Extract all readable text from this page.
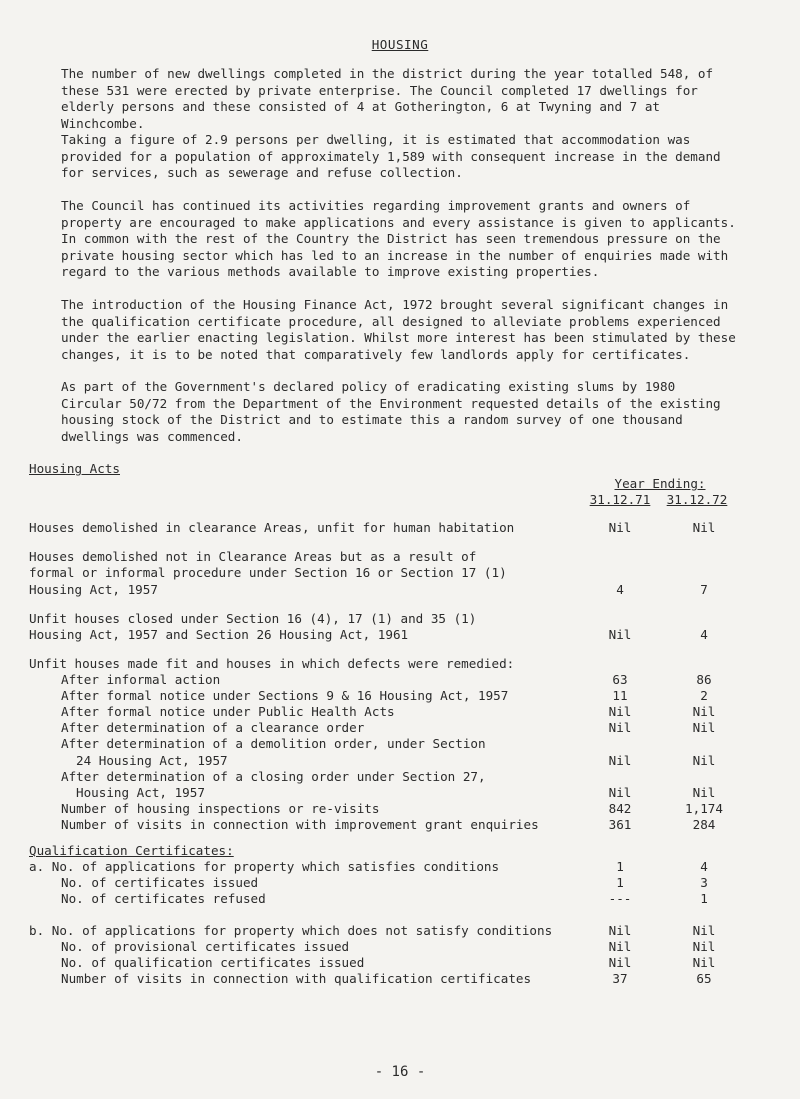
HOUSING

The number of new dwellings completed in the district during the year totalled 548, of these 531 were erected by private enterprise. The Council completed 17 dwellings for elderly persons and these consisted of 4 at Gotherington, 6 at Twyning and 7 at Winchcombe.

Taking a figure of 2.9 persons per dwelling, it is estimated that accommodation was provided for a population of approximately 1,589 with consequent increase in the demand for services, such as sewerage and refuse collection.

The Council has continued its activities regarding improvement grants and owners of property are encouraged to make applications and every assistance is given to applicants. In common with the rest of the Country the District has seen tremendous pressure on the private housing sector which has led to an increase in the number of enquiries made with regard to the various methods available to improve existing properties.

The introduction of the Housing Finance Act, 1972 brought several significant changes in the qualification certificate procedure, all designed to alleviate problems experienced under the earlier enacting legislation. Whilst more interest has been stimulated by these changes, it is to be noted that comparatively few landlords apply for certificates.

As part of the Government's declared policy of eradicating existing slums by 1980 Circular 50/72 from the Department of the Environment requested details of the existing housing stock of the District and to estimate this a random survey of one thousand dwellings was commenced.

Housing Acts
Year Ending:
31.12.71	31.12.72
Houses demolished in clearance Areas, unfit for human habitation	Nil	Nil
Houses demolished not in Clearance Areas but as a result of
formal or informal procedure under Section 16 or Section 17 (1)
Housing Act, 1957	4	7
Unfit houses closed under Section 16 (4), 17 (1) and 35 (1)
Housing Act, 1957 and Section 26 Housing Act, 1961	Nil	4
Unfit houses made fit and houses in which defects were remedied:
After informal action	63	86
After formal notice under Sections 9 & 16 Housing Act, 1957	11	2
After formal notice under Public Health Acts	Nil	Nil
After determination of a clearance order	Nil	Nil
After determination of a demolition order, under Section
24 Housing Act, 1957	Nil	Nil
After determination of a closing order under Section 27,
Housing Act, 1957	Nil	Nil
Number of housing inspections or re-visits	842	1,174
Number of visits in connection with improvement grant enquiries	361	284
Qualification Certificates:
a. No. of applications for property which satisfies conditions	1	4
No. of certificates issued	1	3
No. of certificates refused	---	1
b. No. of applications for property which does not satisfy conditions	Nil	Nil
No. of provisional certificates issued	Nil	Nil
No. of qualification certificates issued	Nil	Nil
Number of visits in connection with qualification certificates	37	65
- 16 -
